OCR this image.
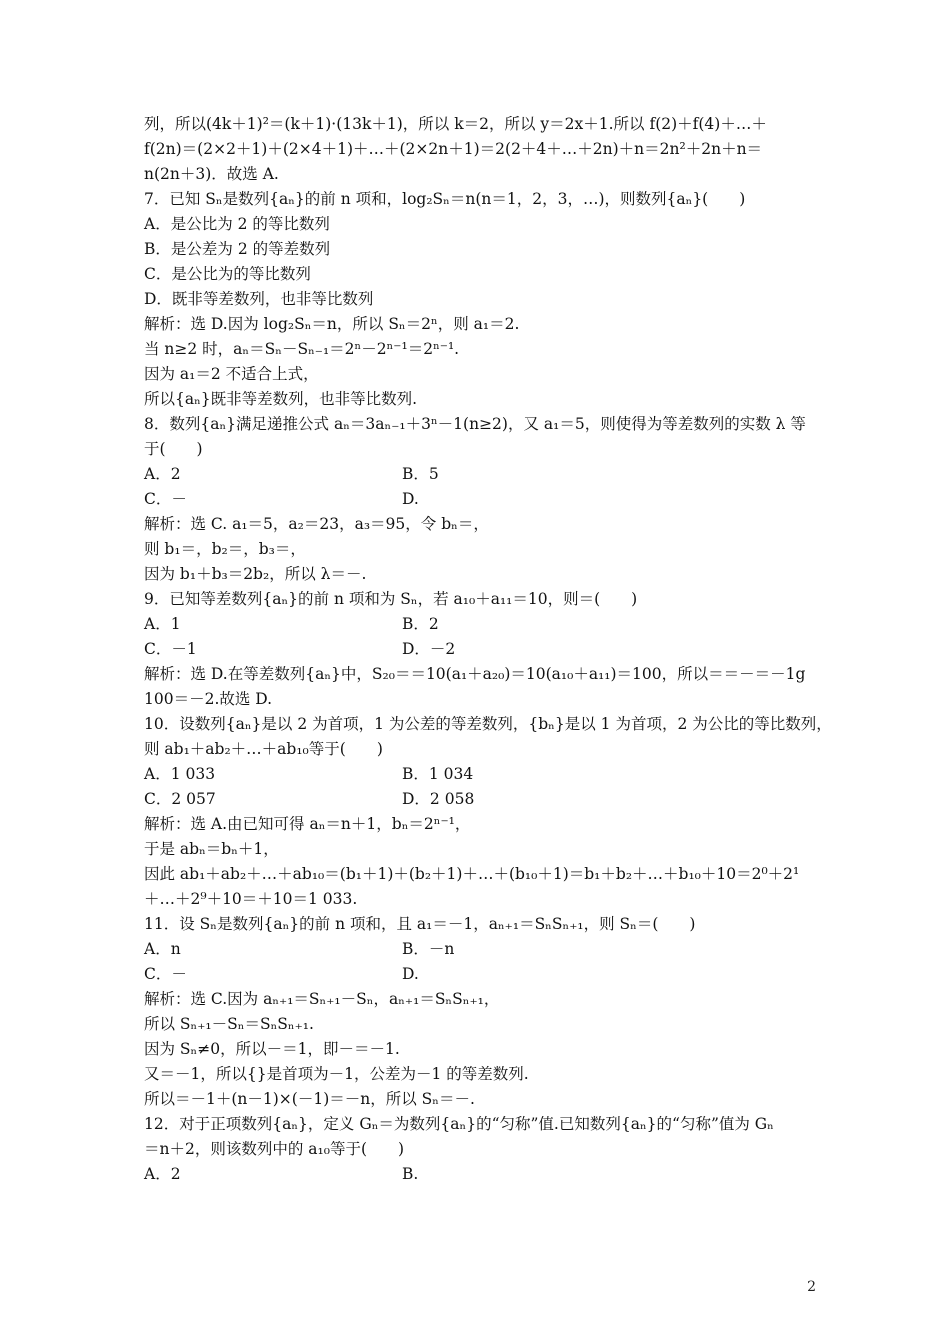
列，所以(4k＋1)²＝(k＋1)·(13k＋1)，所以 k＝2，所以 y＝2x＋1.所以 f(2)＋f(4)＋…＋
f(2n)＝(2×2＋1)＋(2×4＋1)＋…＋(2×2n＋1)＝2(2＋4＋…＋2n)＋n＝2n²＋2n＋n＝
n(2n＋3)．故选 A.
7．已知 Sₙ是数列{aₙ}的前 n 项和，log₂Sₙ＝n(n＝1，2，3，…)，则数列{aₙ}(　　)
A．是公比为 2 的等比数列
B．是公差为 2 的等差数列
C．是公比为的等比数列
D．既非等差数列，也非等比数列
解析：选 D.因为 log₂Sₙ＝n，所以 Sₙ＝2ⁿ，则 a₁＝2.
当 n≥2 时，aₙ＝Sₙ－Sₙ₋₁＝2ⁿ－2ⁿ⁻¹＝2ⁿ⁻¹.
因为 a₁＝2 不适合上式，
所以{aₙ}既非等差数列，也非等比数列.
8．数列{aₙ}满足递推公式 aₙ＝3aₙ₋₁＋3ⁿ－1(n≥2)，又 a₁＝5，则使得为等差数列的实数 λ 等
于(　　)
A．2	B．5
C．－	D.
解析：选 C. a₁＝5，a₂＝23，a₃＝95，令 bₙ＝，
则 b₁＝，b₂＝，b₃＝，
因为 b₁＋b₃＝2b₂，所以 λ＝－.
9．已知等差数列{aₙ}的前 n 项和为 Sₙ，若 a₁₀＋a₁₁＝10，则＝(　　)
A．1	B．2
C．－1	D．－2
解析：选 D.在等差数列{aₙ}中，S₂₀＝＝10(a₁＋a₂₀)＝10(a₁₀＋a₁₁)＝100，所以＝＝－＝－1g
100＝－2.故选 D.
10．设数列{aₙ}是以 2 为首项，1 为公差的等差数列，{bₙ}是以 1 为首项，2 为公比的等比数列，
则 ab₁＋ab₂＋…＋ab₁₀等于(　　)
A．1 033	B．1 034
C．2 057	D．2 058
解析：选 A.由已知可得 aₙ＝n＋1，bₙ＝2ⁿ⁻¹，
于是 abₙ＝bₙ＋1，
因此 ab₁＋ab₂＋…＋ab₁₀＝(b₁＋1)＋(b₂＋1)＋…＋(b₁₀＋1)＝b₁＋b₂＋…＋b₁₀＋10＝2⁰＋2¹
＋…＋2⁹＋10＝＋10＝1 033.
11．设 Sₙ是数列{aₙ}的前 n 项和，且 a₁＝－1，aₙ₊₁＝SₙSₙ₊₁，则 Sₙ＝(　　)
A．n	B．－n
C．－	D.
解析：选 C.因为 aₙ₊₁＝Sₙ₊₁－Sₙ，aₙ₊₁＝SₙSₙ₊₁，
所以 Sₙ₊₁－Sₙ＝SₙSₙ₊₁.
因为 Sₙ≠0，所以－＝1，即－＝－1.
又＝－1，所以{}是首项为－1，公差为－1 的等差数列.
所以＝－1＋(n－1)×(－1)＝－n，所以 Sₙ＝－.
12．对于正项数列{aₙ}，定义 Gₙ＝为数列{aₙ}的“匀称”值.已知数列{aₙ}的“匀称”值为 Gₙ
＝n＋2，则该数列中的 a₁₀等于(　　)
A．2	B.
2
